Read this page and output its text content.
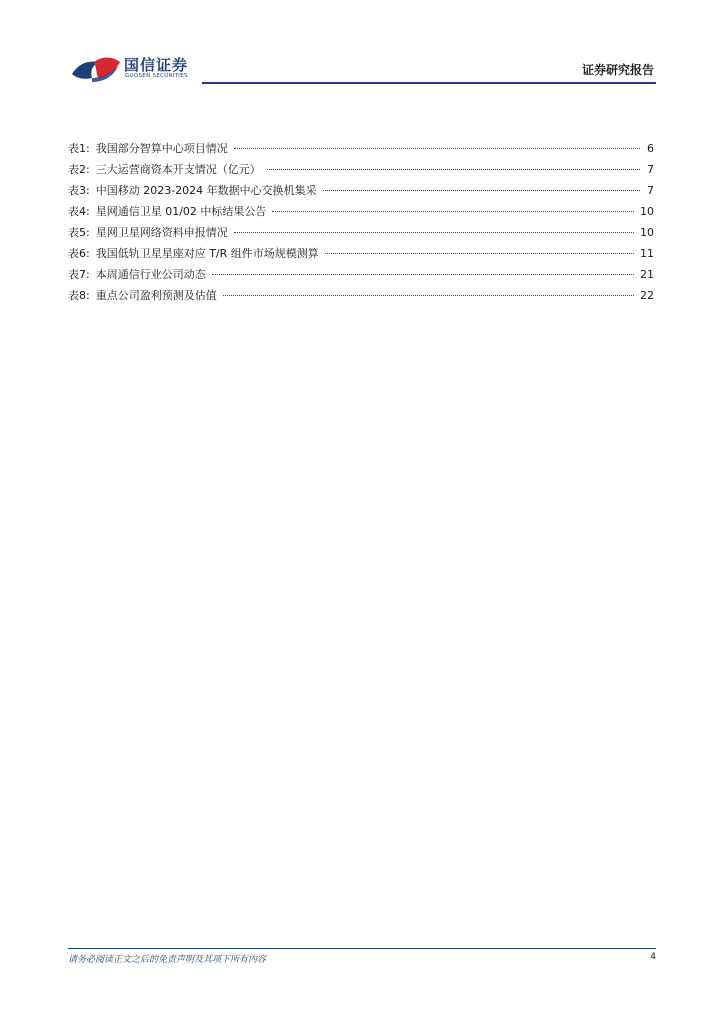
国信证券
GUOSEN SECURITIES	证券研究报告
表1: 我国部分智算中心项目情况	6
表2: 三大运营商资本开支情况（亿元）	7
表3: 中国移动 2023-2024 年数据中心交换机集采	7
表4: 星网通信卫星 01/02 中标结果公告	10
表5: 星网卫星网络资料申报情况	10
表6: 我国低轨卫星星座对应 T/R 组件市场规模测算	11
表7: 本周通信行业公司动态	21
表8: 重点公司盈利预测及估值	22
请务必阅读正文之后的免责声明及其项下所有内容	4
